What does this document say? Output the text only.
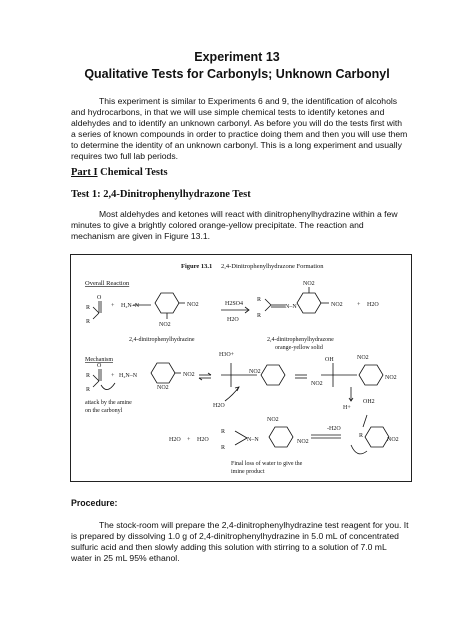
Experiment 13
Qualitative Tests for Carbonyls; Unknown Carbonyl

This experiment is similar to Experiments 6 and 9, the identification of alcohols and hydrocarbons, in that we will use simple chemical tests to identify ketones and aldehydes and to identify an unknown carbonyl. As before you will do the tests first with a series of known compounds in order to practice doing them and then you will use them to determine the identity of an unknown carbonyl. This is a long experiment and usually requires two full lab periods.

Part I Chemical Tests
Test 1: 2,4-Dinitrophenylhydrazone Test

Most aldehydes and ketones will react with dinitrophenylhydrazine within a few minutes to give a brightly colored orange-yellow precipitate. The reaction and mechanism are given in Figure 13.1.

Figure 13.1 2,4-Dinitrophenylhydrazone Formation
Overall Reaction
R
R
O
+ H₂N–N	NO2
NO2
2,4-dinitrophenylhydrazine
H2SO4
H2O
R
R
N–N
NO2
NO2 + H2O
2,4-dinitrophenylhydrazone
orange-yellow solid
Mechanism
R
R
O
+ H₂N–N	NO2
NO2
attack by the amine
on the carbonyl
H3O+
NO2
NO2
H2O
OH	NO2
NO2
H+
OH2
H2O + H2O
R
R
N–N
NO2
NO2
-H2O
R
NO2
Final loss of water to give the
imine product
Procedure:

The stock-room will prepare the 2,4-dinitrophenylhydrazine test reagent for you. It is prepared by dissolving 1.0 g of 2,4-dinitrophenylhydrazine in 5.0 mL of concentrated sulfuric acid and then slowly adding this solution with stirring to a solution of 7.0 mL water in 25 mL 95% ethanol.
